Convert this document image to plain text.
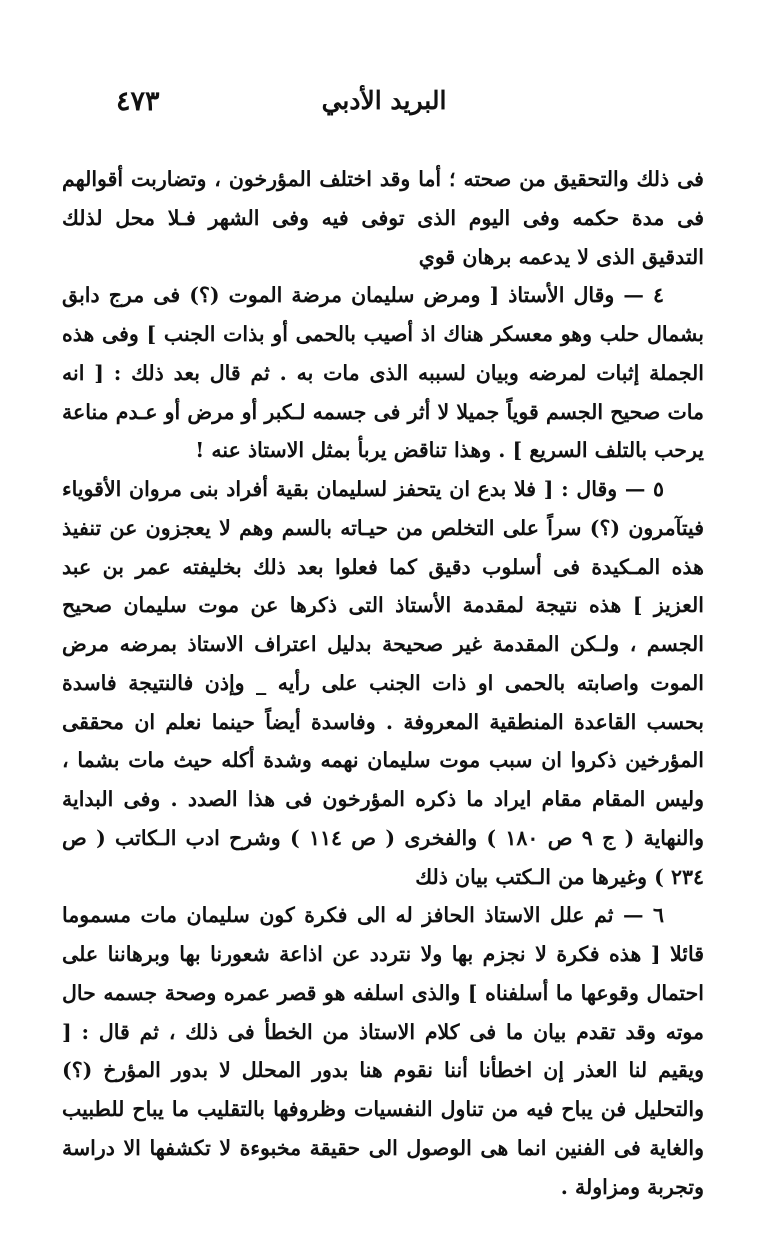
البريد الأدبي
٤٧٣

فى ذلك والتحقيق من صحته ؛ أما وقد اختلف المؤرخون ، وتضاربت أقوالهم فى مدة حكمه وفى اليوم الذى توفى فيه وفى الشهر فـلا محل لذلك التدقيق الذى لا يدعمه برهان قوي

٤ — وقال الأستاذ [ ومرض سليمان مرضة الموت (؟) فى مرج دابق بشمال حلب وهو معسكر هناك اذ أصيب بالحمى أو بذات الجنب ] وفى هذه الجملة إثبات لمرضه وبيان لسببه الذى مات به . ثم قال بعد ذلك : [ انه مات صحيح الجسم قوياً جميلا لا أثر فى جسمه لـكبر أو مرض أو عـدم مناعة يرحب بالتلف السريع ] . وهذا تناقض يربأ بمثل الاستاذ عنه !

٥ — وقال : [ فلا بدع ان يتحفز لسليمان بقية أفراد بنى مروان الأقوياء فيتآمرون (؟) سراً على التخلص من حيـاته بالسم وهم لا يعجزون عن تنفيذ هذه المـكيدة فى أسلوب دقيق كما فعلوا بعد ذلك بخليفته عمر بن عبد العزيز ] هذه نتيجة لمقدمة الأستاذ التى ذكرها عن موت سليمان صحيح الجسم ، ولـكن المقدمة غير صحيحة بدليل اعتراف الاستاذ بمرضه مرض الموت واصابته بالحمى او ذات الجنب على رأيه _ وإذن فالنتيجة فاسدة بحسب القاعدة المنطقية المعروفة . وفاسدة أيضاً حينما نعلم ان محققى المؤرخين ذكروا ان سبب موت سليمان نهمه وشدة أكله حيث مات بشما ، وليس المقام مقام ايراد ما ذكره المؤرخون فى هذا الصدد . وفى البداية والنهاية ( ج ٩ ص ١٨٠ ) والفخرى ( ص ١١٤ ) وشرح ادب الـكاتب ( ص ٢٣٤ ) وغيرها من الـكتب بيان ذلك

٦ — ثم علل الاستاذ الحافز له الى فكرة كون سليمان مات مسموما قائلا [ هذه فكرة لا نجزم بها ولا نتردد عن اذاعة شعورنا بها وبرهاننا على احتمال وقوعها ما أسلفناه ] والذى اسلفه هو قصر عمره وصحة جسمه حال موته وقد تقدم بيان ما فى كلام الاستاذ من الخطأ فى ذلك ، ثم قال : [ ويقيم لنا العذر إن اخطأنا أننا نقوم هنا بدور المحلل لا بدور المؤرخ (؟) والتحليل فن يباح فيه من تناول النفسيات وظروفها بالتقليب ما يباح للطبيب والغاية فى الفنين انما هى الوصول الى حقيقة مخبوءة لا تكشفها الا دراسة وتجربة ومزاولة .
